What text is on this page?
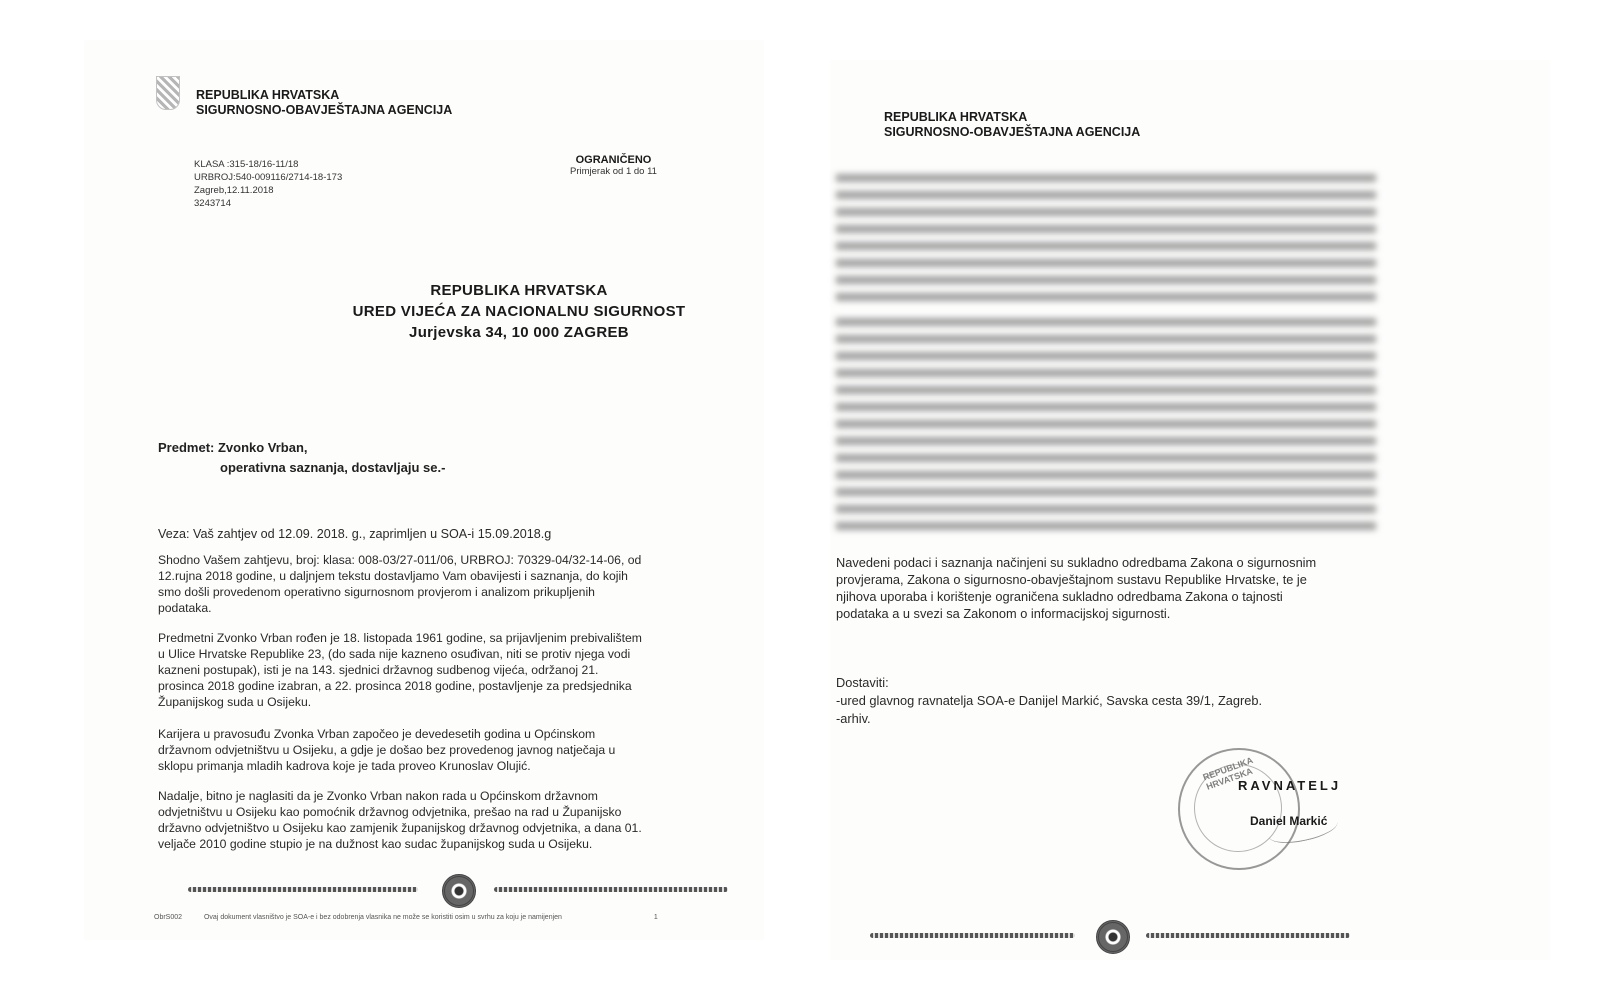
REPUBLIKA HRVATSKA
SIGURNOSNO-OBAVJEŠTAJNA AGENCIJA
KLASA :315-18/16-11/18
URBROJ:540-009116/2714-18-173
Zagreb,12.11.2018
3243714
OGRANIČENO
Primjerak od 1 do 11
REPUBLIKA HRVATSKA
URED VIJEĆA ZA NACIONALNU SIGURNOST
Jurjevska 34, 10 000 ZAGREB
Predmet: Zvonko Vrban,
operativna saznanja, dostavljaju se.-
Veza: Vaš zahtjev od 12.09. 2018. g., zaprimljen u SOA-i 15.09.2018.g
Shodno Vašem zahtjevu, broj: klasa: 008-03/27-011/06, URBROJ: 70329-04/32-14-06, od
12.rujna 2018 godine, u daljnjem tekstu dostavljamo Vam obavijesti i saznanja, do kojih
smo došli provedenom operativno sigurnosnom provjerom i analizom prikupljenih
podataka.
Predmetni Zvonko Vrban rođen je 18. listopada 1961 godine, sa prijavljenim prebivalištem
u Ulice Hrvatske Republike 23, (do sada nije kazneno osuđivan, niti se protiv njega vodi
kazneni postupak), isti je na 143. sjednici državnog sudbenog vijeća, održanoj 21.
prosinca 2018 godine izabran, a 22. prosinca 2018 godine, postavljenje za predsjednika
Županijskog suda u Osijeku.
Karijera u pravosuđu Zvonka Vrban započeo je devedesetih godina u Općinskom
državnom odvjetništvu u Osijeku, a gdje je došao bez provedenog javnog natječaja u
sklopu primanja mladih kadrova koje je tada proveo Krunoslav Olujić.
Nadalje, bitno je naglasiti da je Zvonko Vrban nakon rada u Općinskom državnom
odvjetništvu u Osijeku kao pomoćnik državnog odvjetnika, prešao na rad u Županijsko
državno odvjetništvo u Osijeku kao zamjenik županijskog državnog odvjetnika, a dana 01.
veljače 2010 godine stupio je na dužnost kao sudac županijskog suda u Osijeku.
ObrS002	Ovaj dokument vlasništvo je SOA-e i bez odobrenja vlasnika ne može se koristiti osim u svrhu za koju je namijenjen	1
REPUBLIKA HRVATSKA
SIGURNOSNO-OBAVJEŠTAJNA AGENCIJA
Navedeni podaci i saznanja načinjeni su sukladno odredbama Zakona o sigurnosnim
provjerama, Zakona o sigurnosno-obavještajnom sustavu Republike Hrvatske, te je
njihova uporaba i korištenje ograničena sukladno odredbama Zakona o tajnosti
podataka a u svezi sa Zakonom o informacijskoj sigurnosti.
Dostaviti:
-ured glavnog ravnatelja SOA-e Danijel Markić, Savska cesta 39/1, Zagreb.
-arhiv.
REPUBLIKA HRVATSKA
RAVNATELJ
Daniel Markić
